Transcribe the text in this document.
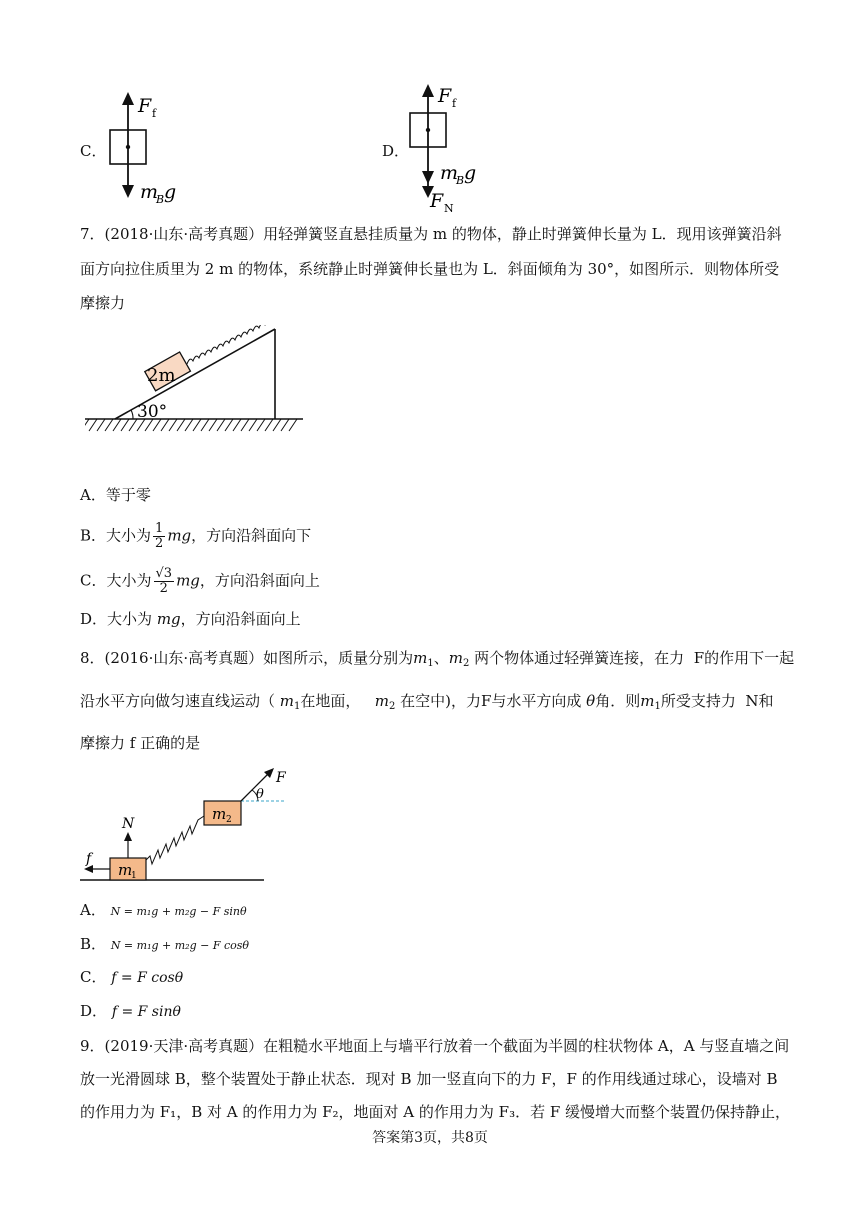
C．
F f
m
B g
D．
F f
m
B g
F N
7．(2018·山东·高考真题）用轻弹簧竖直悬挂质量为 m 的物体，静止时弹簧伸长量为 L．现用该弹簧沿斜
面方向拉住质里为 2 m 的物体，系统静止时弹簧伸长量也为 L．斜面倾角为 30°，如图所示．则物体所受
摩擦力
30°
2m
A．等于零
B．大小为 $\frac{1}{2}$ mg，方向沿斜面向下
C．大小为 $\frac{√3}{2}$ mg，方向沿斜面向上
D．大小为 mg，方向沿斜面向上
8．(2016·山东·高考真题）如图所示，质量分别为$m_1$、$m_2$ 两个物体通过轻弹簧连接，在力 F的作用下一起
沿水平方向做匀速直线运动（ $m_1$在地面， $m_2$ 在空中)，力F与水平方向成 θ角．则$m_1$所受支持力 N和
摩擦力 f 正确的是
m
1
m 2
N
f
F
θ
A． N = m₁g + m₂g − F sinθ
B． N = m₁g + m₂g − F cosθ
C． f = F cosθ
D． f = F sinθ
9．(2019·天津·高考真题）在粗糙水平地面上与墙平行放着一个截面为半圆的柱状物体 A，A 与竖直墙之间
放一光滑圆球 B，整个装置处于静止状态．现对 B 加一竖直向下的力 F，F 的作用线通过球心，设墙对 B
的作用力为 F₁，B 对 A 的作用力为 F₂，地面对 A 的作用力为 F₃．若 F 缓慢增大而整个装置仍保持静止，
答案第3页，共8页
